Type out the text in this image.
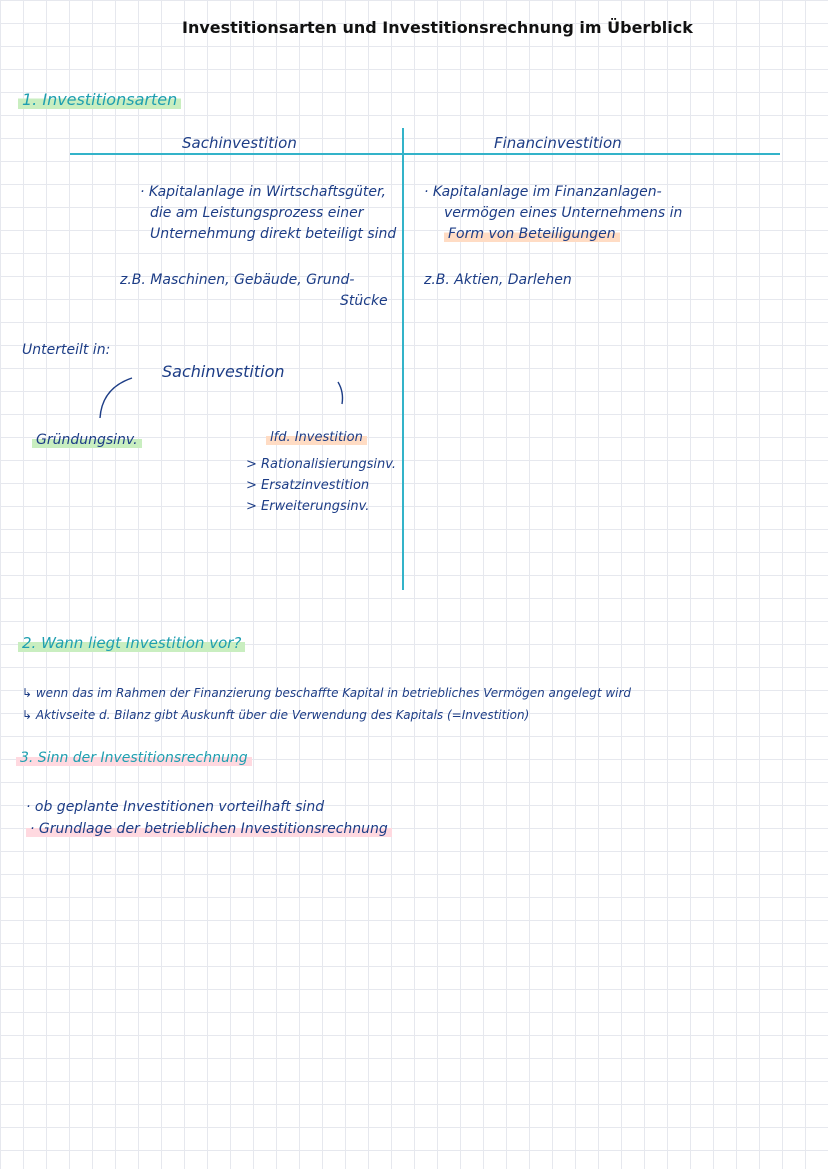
Investitionsarten und Investitionsrechnung im Überblick
1. Investitionsarten
Sachinvestition	Financinvestition
· Kapitalanlage in Wirtschaftsgüter,
die am Leistungsprozess einer
Unternehmung direkt beteiligt sind
· Kapitalanlage im Finanzanlagen-
vermögen eines Unternehmens in
Form von Beteiligungen
z.B. Maschinen, Gebäude, Grund-
Stücke
z.B. Aktien, Darlehen
Unterteilt in:
Sachinvestition
Gründungsinv.	lfd. Investition
> Rationalisierungsinv.
> Ersatzinvestition
> Erweiterungsinv.
2. Wann liegt Investition vor?
↳ wenn das im Rahmen der Finanzierung beschaffte Kapital in betriebliches Vermögen angelegt wird
↳ Aktivseite d. Bilanz gibt Auskunft über die Verwendung des Kapitals (=Investition)
3. Sinn der Investitionsrechnung
· ob geplante Investitionen vorteilhaft sind
· Grundlage der betrieblichen Investitionsrechnung
